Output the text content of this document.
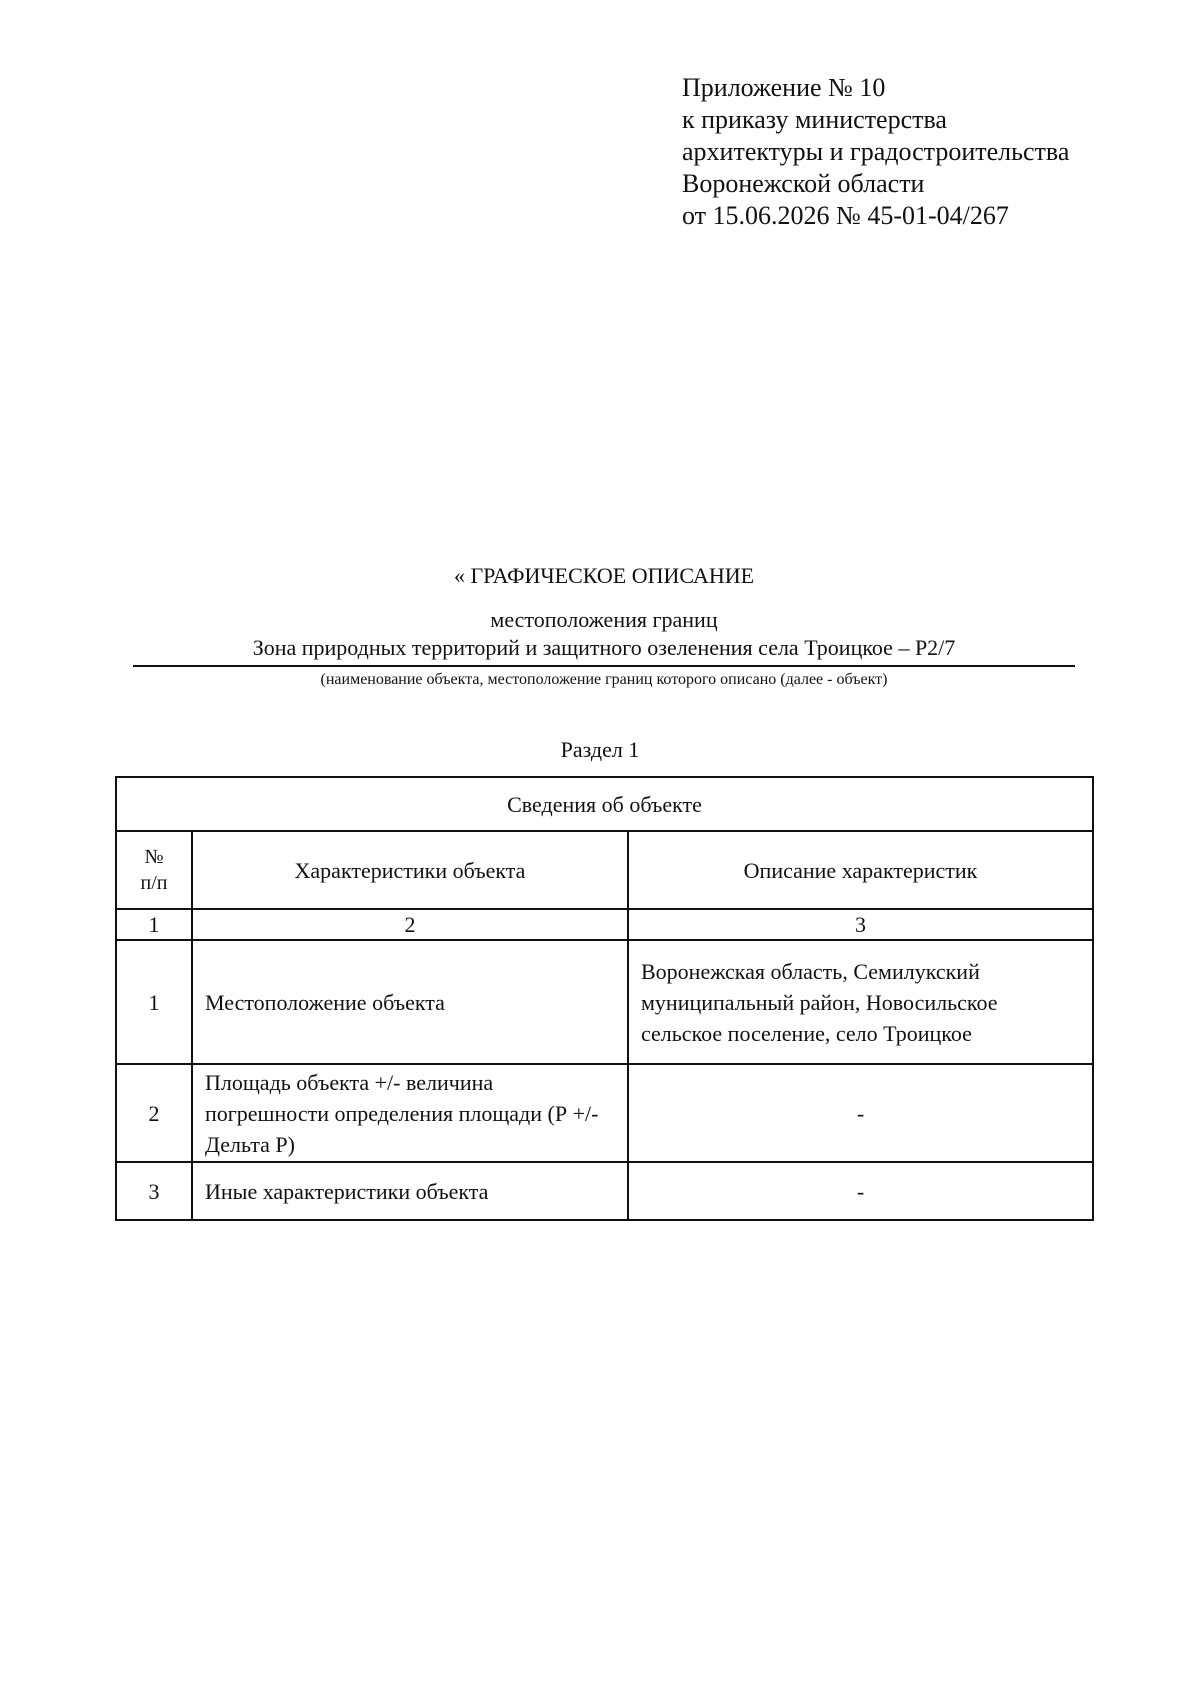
Приложение № 10
к приказу министерства
архитектуры и градостроительства
Воронежской области
от 15.06.2026 № 45-01-04/267
« ГРАФИЧЕСКОЕ ОПИСАНИЕ
местоположения границ
Зона природных территорий и защитного озеленения села Троицкое – Р2/7
(наименование объекта, местоположение границ которого описано (далее - объект)
Раздел 1
Сведения об объекте		

№
п/п	Характеристики объекта	Описание характеристик
1	2	3
1	Местоположение объекта	Воронежская область, Семилукский муниципальный район, Новосильское сельское поселение, село Троицкое
2	Площадь объекта +/- величина погрешности определения площади (Р +/- Дельта Р)	-
3	Иные характеристики объекта	-
